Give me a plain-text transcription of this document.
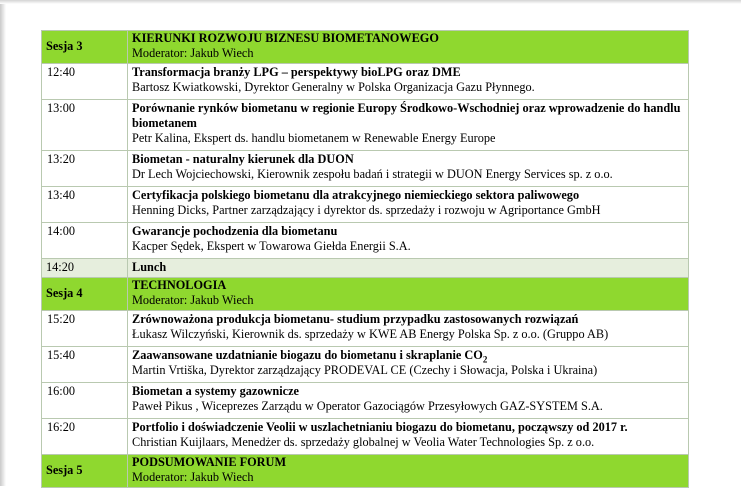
Sesja 3	KIERUNKI ROZWOJU BIZNESU BIOMETANOWEGO
Moderator: Jakub Wiech

12:40	Transformacja branży LPG – perspektywy bioLPG oraz DME
Bartosz Kwiatkowski, Dyrektor Generalny w Polska Organizacja Gazu Płynnego.

13:00	Porównanie rynków biometanu w regionie Europy Środkowo-Wschodniej oraz wprowadzenie do handlu biometanem
Petr Kalina, Ekspert ds. handlu biometanem w Renewable Energy Europe

13:20	Biometan - naturalny kierunek dla DUON
Dr Lech Wojciechowski, Kierownik zespołu badań i strategii w DUON Energy Services sp. z o.o.

13:40	Certyfikacja polskiego biometanu dla atrakcyjnego niemieckiego sektora paliwowego
Henning Dicks, Partner zarządzający i dyrektor ds. sprzedaży i rozwoju w Agriportance GmbH

14:00	Gwarancje pochodzenia dla biometanu
Kacper Sędek, Ekspert w Towarowa Giełda Energii S.A.

14:20	Lunch

Sesja 4	TECHNOLOGIA
Moderator: Jakub Wiech

15:20	Zrównoważona produkcja biometanu- studium przypadku zastosowanych rozwiązań
Łukasz Wilczyński, Kierownik ds. sprzedaży w KWE AB Energy Polska Sp. z o.o. (Gruppo AB)

15:40	Zaawansowane uzdatnianie biogazu do biometanu i skraplanie $CO_2$
Martin Vrtiška, Dyrektor zarządzający PRODEVAL CE (Czechy i Słowacja, Polska i Ukraina)

16:00	Biometan a systemy gazownicze
Paweł Pikus , Wiceprezes Zarządu w Operator Gazociągów Przesyłowych GAZ-SYSTEM S.A.

16:20	Portfolio i doświadczenie Veolii w uszlachetnianiu biogazu do biometanu, począwszy od 2017 r.
Christian Kuijlaars, Menedżer ds. sprzedaży globalnej w Veolia Water Technologies Sp. z o.o.

Sesja 5	PODSUMOWANIE FORUM
Moderator: Jakub Wiech
